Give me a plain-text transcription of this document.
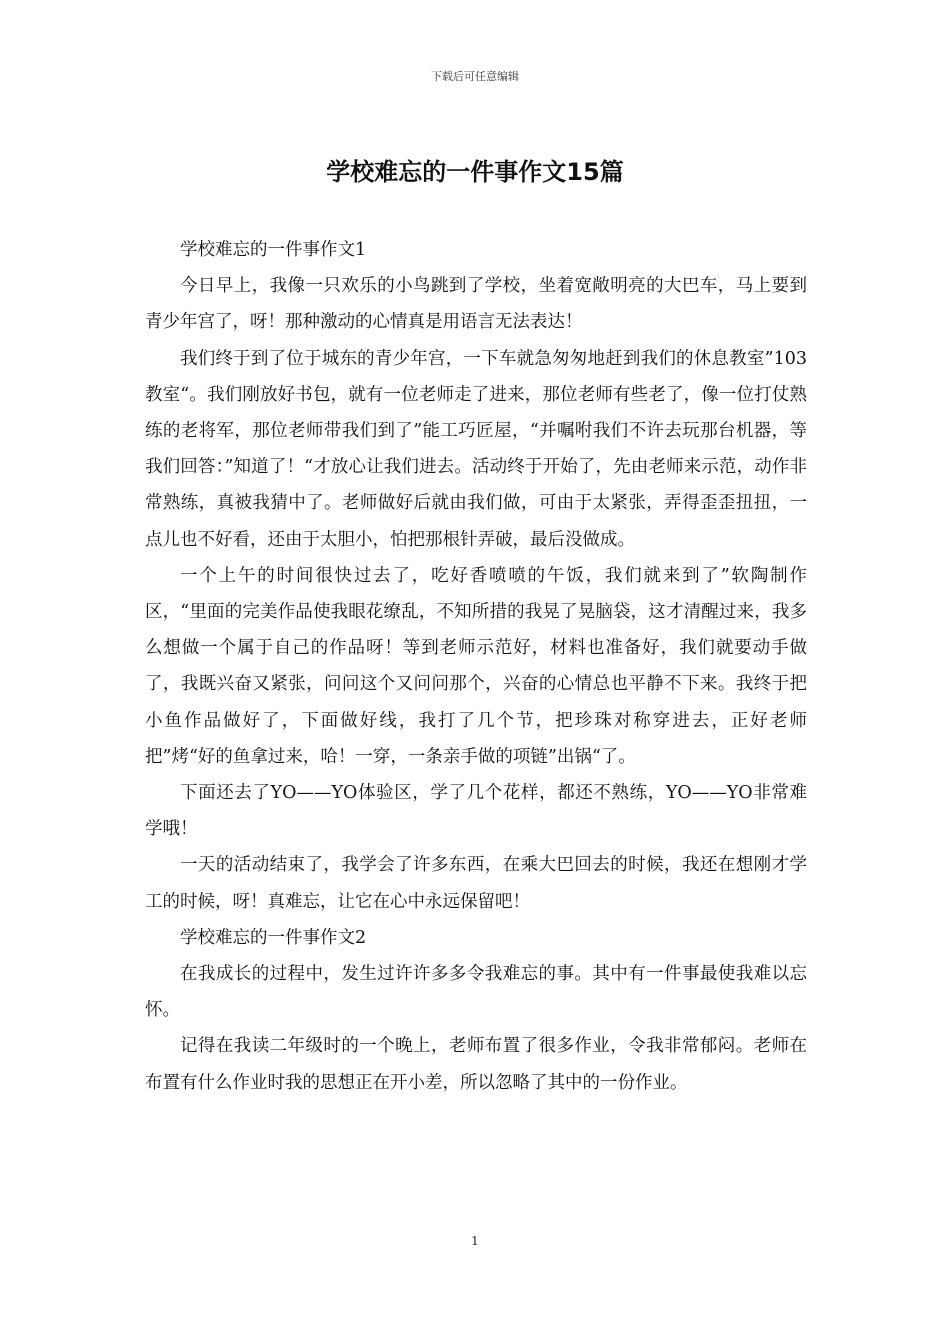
下载后可任意编辑
学校难忘的一件事作文15篇

学校难忘的一件事作文1

今日早上，我像一只欢乐的小鸟跳到了学校，坐着宽敞明亮的大巴车，马上要到青少年宫了，呀！那种激动的心情真是用语言无法表达！

我们终于到了位于城东的青少年宫，一下车就急匆匆地赶到我们的休息教室”103教室“。我们刚放好书包，就有一位老师走了进来，那位老师有些老了，像一位打仗熟练的老将军，那位老师带我们到了”能工巧匠屋，“并嘱咐我们不许去玩那台机器，等我们回答：”知道了！“才放心让我们进去。活动终于开始了，先由老师来示范，动作非常熟练，真被我猜中了。老师做好后就由我们做，可由于太紧张，弄得歪歪扭扭，一点儿也不好看，还由于太胆小，怕把那根针弄破，最后没做成。

一个上午的时间很快过去了，吃好香喷喷的午饭，我们就来到了”软陶制作区，“里面的完美作品使我眼花缭乱，不知所措的我晃了晃脑袋，这才清醒过来，我多么想做一个属于自己的作品呀！等到老师示范好，材料也准备好，我们就要动手做了，我既兴奋又紧张，问问这个又问问那个，兴奋的心情总也平静不下来。我终于把小鱼作品做好了，下面做好线，我打了几个节，把珍珠对称穿进去，正好老师把”烤“好的鱼拿过来，哈！一穿，一条亲手做的项链”出锅“了。

下面还去了YO——YO体验区，学了几个花样，都还不熟练，YO——YO非常难学哦！

一天的活动结束了，我学会了许多东西，在乘大巴回去的时候，我还在想刚才学工的时候，呀！真难忘，让它在心中永远保留吧！

学校难忘的一件事作文2

在我成长的过程中，发生过许许多多令我难忘的事。其中有一件事最使我难以忘怀。

记得在我读二年级时的一个晚上，老师布置了很多作业，令我非常郁闷。老师在布置有什么作业时我的思想正在开小差，所以忽略了其中的一份作业。

1
